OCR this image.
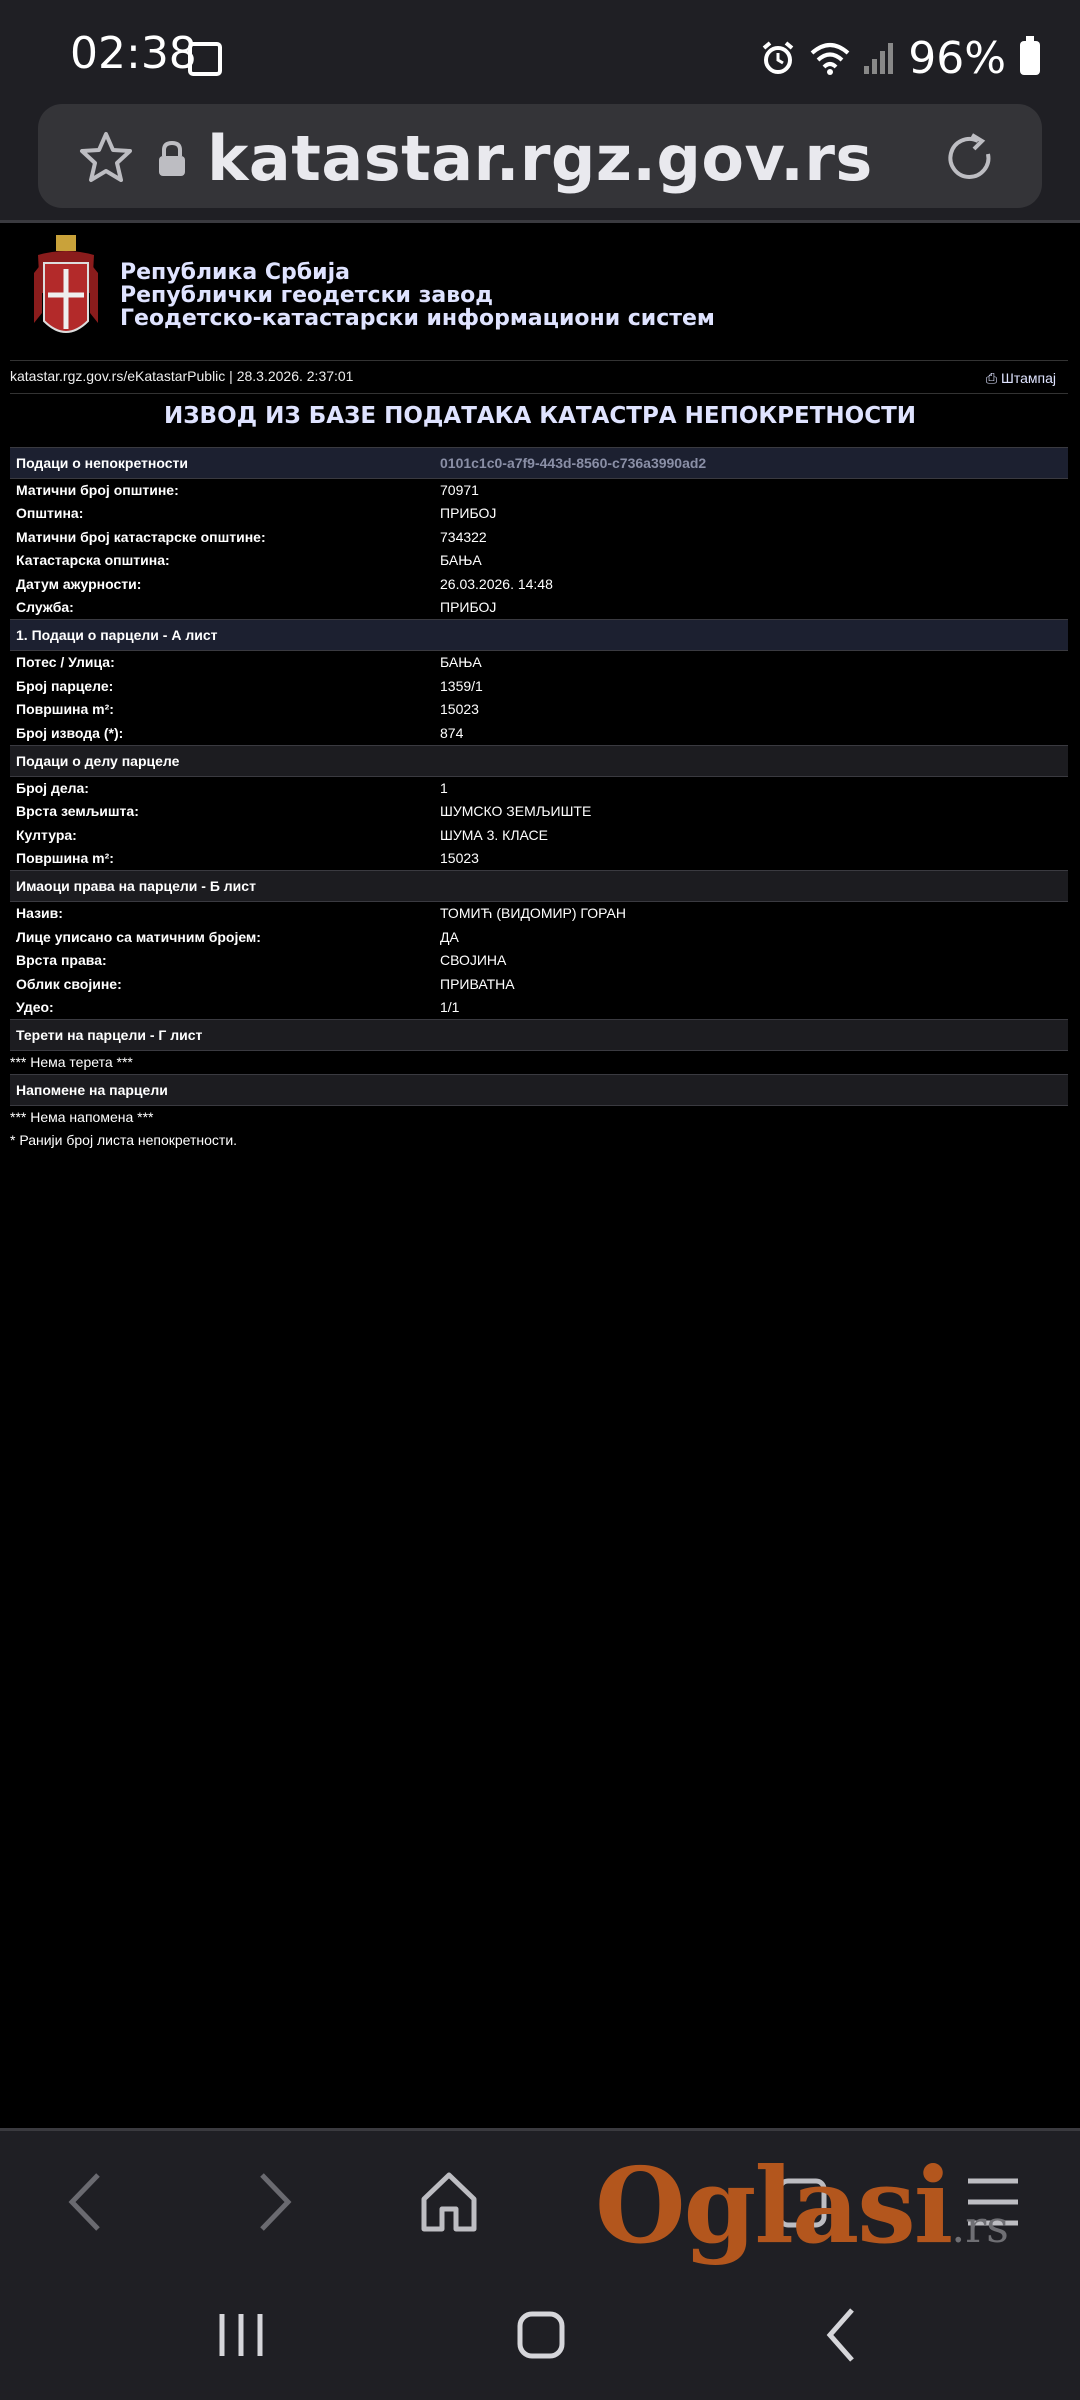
02:38	96%
katastar.rgz.gov.rs
Република Србија
Републички геодетски завод
Геодетско-катастарски информациони систем
katastar.rgz.gov.rs/eKatastarPublic | 28.3.2026. 2:37:01	⎙ Штампај
ИЗВОД ИЗ БАЗЕ ПОДАТАКА КАТАСТРА НЕПОКРЕТНОСТИ
Подаци о непокретности	0101c1c0-a7f9-443d-8560-c736a3990ad2
Матични број општине:	70971
Општина:	ПРИБОЈ
Матични број катастарске општине:	734322
Катастарска општина:	БАЊА
Датум ажурности:	26.03.2026. 14:48
Служба:	ПРИБОЈ
1. Подаци о парцели - А лист
Потес / Улица:	БАЊА
Број парцеле:	1359/1
Површина m²:	15023
Број извода (*):	874
Подаци о делу парцеле
Број дела:	1
Врста земљишта:	ШУМСКО ЗЕМЉИШТЕ
Култура:	ШУМА 3. КЛАСЕ
Површина m²:	15023
Имаоци права на парцели - Б лист
Назив:	ТОМИЋ (ВИДОМИР) ГОРАН
Лице уписано са матичним бројем:	ДА
Врста права:	СВОЈИНА
Облик својине:	ПРИВАТНА
Удео:	1/1
Терети на парцели - Г лист
*** Нема терета ***
Напомене на парцели
*** Нема напомена ***
* Ранији број листа непокретности.
Oglasi.rs
